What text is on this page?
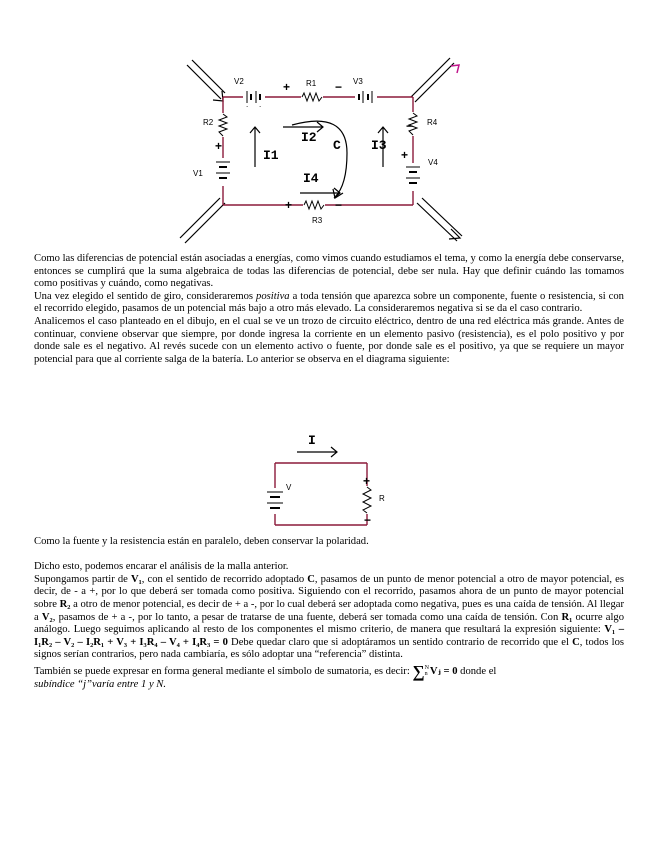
. .
V2	R1	V3
+	−
R2
+
V1
R4
−
+
V4
R3
+	−
I1
I2
I3
I4
C

Como las diferencias de potencial están asociadas a energías, como vimos cuando estudiamos el tema, y como la energía debe conservarse, entonces se cumplirá que la suma algebraica de todas las diferencias de potencial, debe ser nula. Hay que definir cuándo las tomamos como positivas y cuándo, como negativas.

Una vez elegido el sentido de giro, consideraremos positiva a toda tensión que aparezca sobre un componente, fuente o resistencia, si con el recorrido elegido, pasamos de un potencial más bajo a otro más elevado. La consideraremos negativa si se da el caso contrario.

Analicemos el caso planteado en el dibujo, en el cual se ve un trozo de circuito eléctrico, dentro de una red eléctrica más grande. Antes de continuar, conviene observar que siempre, por donde ingresa la corriente en un elemento pasivo (resistencia), es el polo positivo y por donde sale es el negativo. Al revés sucede con un elemento activo o fuente, por donde sale es el positivo, ya que se requiere un mayor potencial para que al corriente salga de la batería. Lo anterior se observa en el diagrama siguiente:

V
R
+
−
I

Como la fuente y la resistencia están en paralelo, deben conservar la polaridad.

Dicho esto, podemos encarar el análisis de la malla anterior.

Supongamos partir de V₁, con el sentido de recorrido adoptado C, pasamos de un punto de menor potencial a otro de mayor potencial, es decir, de - a +, por lo que deberá ser tomada como positiva. Siguiendo con el recorrido, pasamos ahora de un punto de mayor potencial sobre R₂ a otro de menor potencial, es decir de + a -, por lo cual deberá ser adoptada como negativa, pues es una caída de tensión. Al llegar a V₂, pasamos de + a -, por lo tanto, a pesar de tratarse de una fuente, deberá ser tomada como una caída de tensión. Con R₁ ocurre algo análogo. Luego seguimos aplicando al resto de los componentes el mismo criterio, de manera que resultará la expresión siguiente: V₁ – I₁R₂ – V₂ – I₂R₁ + V₃ + I₃R₄ – V₄ + I₄R₃ = 0 Debe quedar claro que si adoptáramos un sentido contrario de recorrido que el C, todos los signos serían contrarios, pero nada cambiaría, es sólo adoptar una “referencia” distinta.

También se puede expresar en forma general mediante el símbolo de sumatoria, es decir: ∑N
n Vⱼ = 0 donde el
subíndice “j”varía entre 1 y N.
